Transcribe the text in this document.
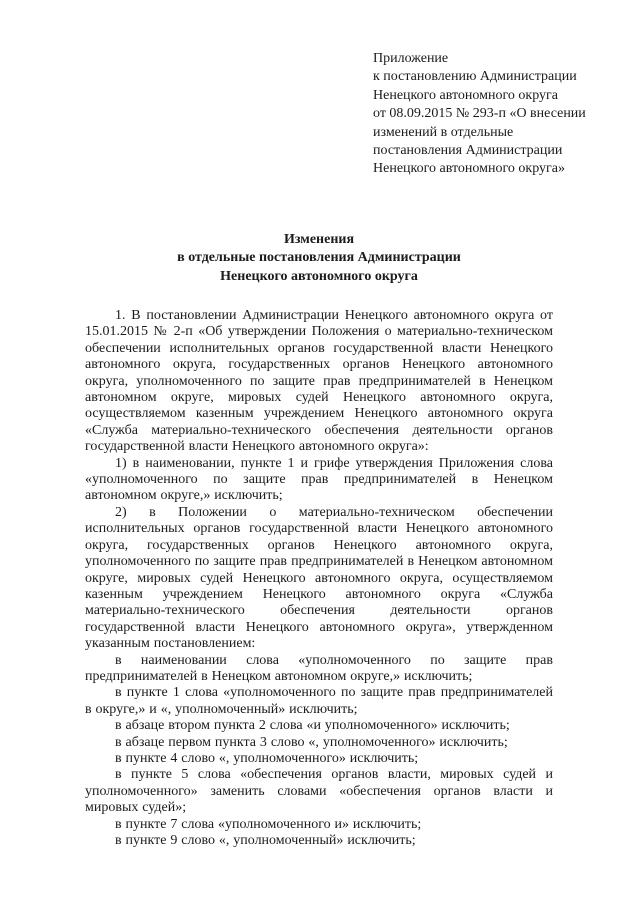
Приложение
к постановлению Администрации
Ненецкого автономного округа
от 08.09.2015 № 293-п «О внесении
изменений в отдельные
постановления Администрации
Ненецкого автономного округа»
Изменения
в отдельные постановления Администрации
Ненецкого автономного округа

1. В постановлении Администрации Ненецкого автономного округа от 15.01.2015 № 2-п «Об утверждении Положения о материально-техническом обеспечении исполнительных органов государственной власти Ненецкого автономного округа, государственных органов Ненецкого автономного округа, уполномоченного по защите прав предпринимателей в Ненецком автономном округе, мировых судей Ненецкого автономного округа, осуществляемом казенным учреждением Ненецкого автономного округа «Служба материально-технического обеспечения деятельности органов государственной власти Ненецкого автономного округа»:

1) в наименовании, пункте 1 и грифе утверждения Приложения слова «уполномоченного по защите прав предпринимателей в Ненецком автономном округе,» исключить;

2) в Положении о материально-техническом обеспечении исполнительных органов государственной власти Ненецкого автономного округа, государственных органов Ненецкого автономного округа, уполномоченного по защите прав предпринимателей в Ненецком автономном округе, мировых судей Ненецкого автономного округа, осуществляемом казенным учреждением Ненецкого автономного округа «Служба материально-технического обеспечения деятельности органов государственной власти Ненецкого автономного округа», утвержденном указанным постановлением:

в наименовании слова «уполномоченного по защите прав предпринимателей в Ненецком автономном округе,» исключить;

в пункте 1 слова «уполномоченного по защите прав предпринимателей в округе,» и «, уполномоченный» исключить;

в абзаце втором пункта 2 слова «и уполномоченного» исключить;

в абзаце первом пункта 3 слово «, уполномоченного» исключить;

в пункте 4 слово «, уполномоченного» исключить;

в пункте 5 слова «обеспечения органов власти, мировых судей и уполномоченного» заменить словами «обеспечения органов власти и мировых судей»;

в пункте 7 слова «уполномоченного и» исключить;

в пункте 9 слово «, уполномоченный» исключить;
